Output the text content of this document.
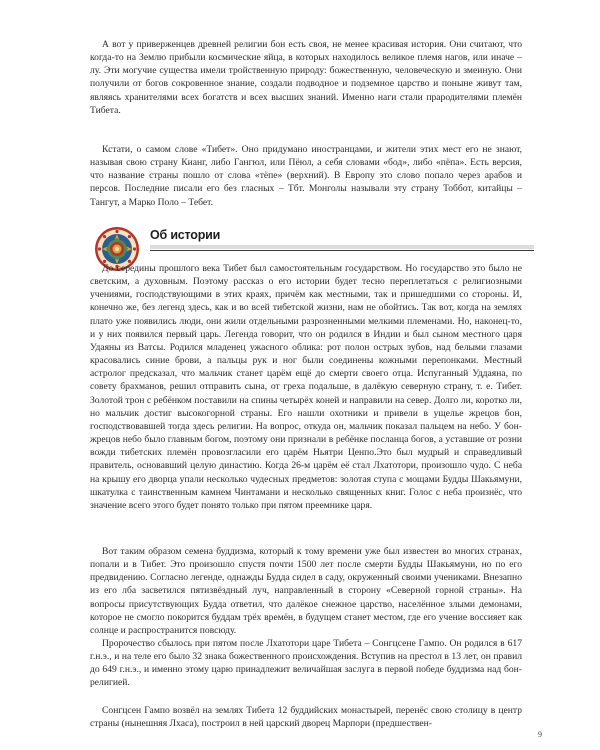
А вот у приверженцев древней религии бон есть своя, не менее красивая история. Они считают, что когда-то на Землю прибыли космические яйца, в которых находилось великое племя нагов, или иначе – лу. Эти могучие существа имели тройственную природу: божественную, человеческую и змеиную. Они получили от богов сокровенное знание, создали подводное и подземное царство и поныне живут там, являясь хранителями всех богатств и всех высших знаний. Именно наги стали прародителями племён Тибета.

Кстати, о самом слове «Тибет». Оно придумано иностранцами, и жители этих мест его не знают, называя свою страну Кианг, либо Гангюл, или Пёюл, а себя словами «бод», либо «пёпа». Есть версия, что название страны пошло от слова «тёпе» (верхний). В Европу это слово попало через арабов и персов. Последние писали его без гласных – Тбт. Монголы называли эту страну Тоббот, китайцы – Тангут, а Марко Поло – Тебет.

Об истории

До середины прошлого века Тибет был самостоятельным государством. Но государство это было не светским, а духовным. Поэтому рассказ о его истории будет тесно переплетаться с религиозными учениями, господствующими в этих краях, причём как местными, так и пришедшими со стороны. И, конечно же, без легенд здесь, как и во всей тибетской жизни, нам не обойтись. Так вот, когда на землях плато уже появились люди, они жили отдельными разрозненными мелкими племенами. Но, наконец-то, и у них появился первый царь. Легенда говорит, что он родился в Индии и был сыном местного царя Удаяны из Ватсы. Родился младенец ужасного облика: рот полон острых зубов, над белыми глазами красовались синие брови, а пальцы рук и ног были соединены кожными перепонками. Местный астролог предсказал, что мальчик станет царём ещё до смерти своего отца. Испуганный Уддаяна, по совету брахманов, решил отправить сына, от греха подальше, в далёкую северную страну, т. е. Тибет. Золотой трон с ребёнком поставили на спины четырёх коней и направили на север. Долго ли, коротко ли, но мальчик достиг высокогорной страны. Его нашли охотники и привели в ущелье жрецов бон, господствовавшей тогда здесь религии. На вопрос, откуда он, мальчик показал пальцем на небо. У бон-жрецов небо было главным богом, поэтому они признали в ребёнке посланца богов, а уставшие от розни вожди тибетских племён провозгласили его царём Ньятри Ценпо.Это был мудрый и справедливый правитель, основавший целую династию. Когда 26-м царём её стал Лхатотори, произошло чудо. С неба на крышу его дворца упали несколько чудесных предметов: золотая ступа с мощами Будды Шакьямуни, шкатулка с таинственным камнем Чинтамани и несколько священных книг. Голос с неба произнёс, что значение всего этого будет понято только при пятом преемнике царя.

Вот таким образом семена буддизма, который к тому времени уже был известен во многих странах, попали и в Тибет. Это произошло спустя почти 1500 лет после смерти Будды Шакьямуни, но по его предвидению. Согласно легенде, однажды Будда сидел в саду, окруженный своими учениками. Внезапно из его лба засветился пятизвёздный луч, направленный в сторону «Северной горной страны». На вопросы присутствующих Будда ответил, что далёкое снежное царство, населённое злыми демонами, которое не смогло покорится буддам трёх времён, в будущем станет местом, где его учение воссияет как солнце и распространится повсюду.

Пророчество сбылось при пятом после Лхатотори царе Тибета – Сонгцсене Гампо. Он родился в 617 г.н.э., и на теле его было 32 знака божественного происхождения. Вступив на престол в 13 лет, он правил до 649 г.н.э., и именно этому царю принадлежит величайшая заслуга в первой победе буддизма над бон-религией.

Сонгцсен Гампо возвёл на землях Тибета 12 буддийских монастырей, перенёс свою столицу в центр страны (нынешняя Лхаса), построил в ней царский дворец Марпори (предшествен-

9
